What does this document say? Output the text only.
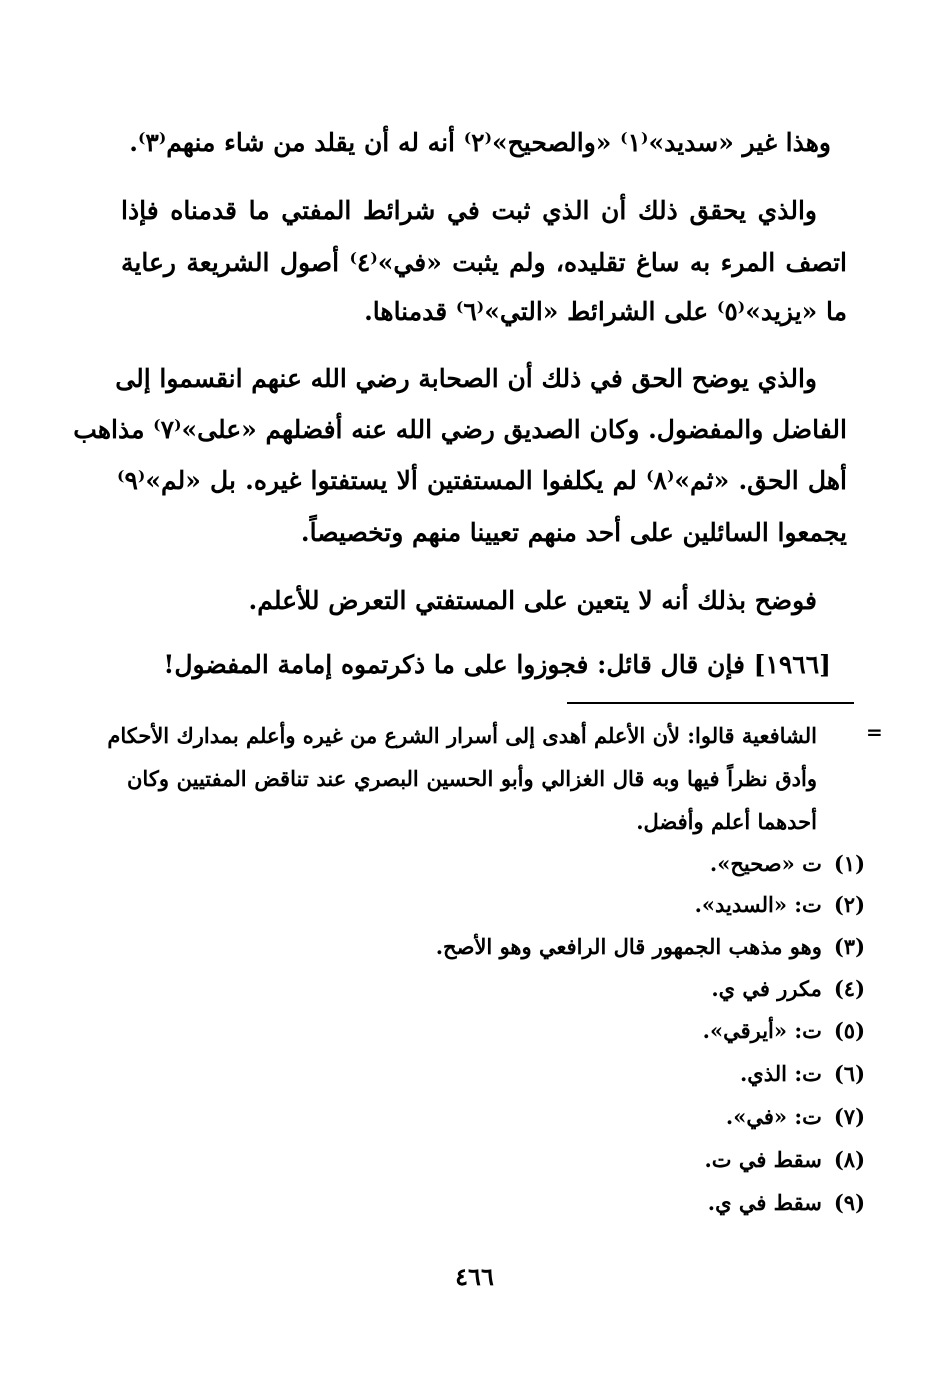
وهذا غير «سديد»⁽١⁾ «والصحيح»⁽٢⁾ أنه له أن يقلد من شاء منهم⁽٣⁾.
والذي يحقق ذلك أن الذي ثبت في شرائط المفتي ما قدمناه فإذا
اتصف المرء به ساغ تقليده، ولم يثبت «في»⁽٤⁾ أصول الشريعة رعاية
ما «يزيد»⁽٥⁾ على الشرائط «التي»⁽٦⁾ قدمناها.
والذي يوضح الحق في ذلك أن الصحابة رضي الله عنهم انقسموا إلى
الفاضل والمفضول. وكان الصديق رضي الله عنه أفضلهم «على»⁽٧⁾ مذاهب
أهل الحق. «ثم»⁽٨⁾ لم يكلفوا المستفتين ألا يستفتوا غيره. بل «لم»⁽٩⁾
يجمعوا السائلين على أحد منهم تعيينا منهم وتخصيصاً.
فوضح بذلك أنه لا يتعين على المستفتي التعرض للأعلم.
[١٩٦٦] فإن قال قائل: فجوزوا على ما ذكرتموه إمامة المفضول!
=
الشافعية قالوا: لأن الأعلم أهدى إلى أسرار الشرع من غيره وأعلم بمدارك الأحكام
وأدق نظراً فيها وبه قال الغزالي وأبو الحسين البصري عند تناقض المفتيين وكان
أحدهما أعلم وأفضل.
(١)ت «صحيح».
(٢)ت: «السديد».
(٣)وهو مذهب الجمهور قال الرافعي وهو الأصح.
(٤)مكرر في ي.
(٥)ت: «أيرقي».
(٦)ت: الذي.
(٧)ت: «في».
(٨)سقط في ت.
(٩)سقط في ي.
٤٦٦
